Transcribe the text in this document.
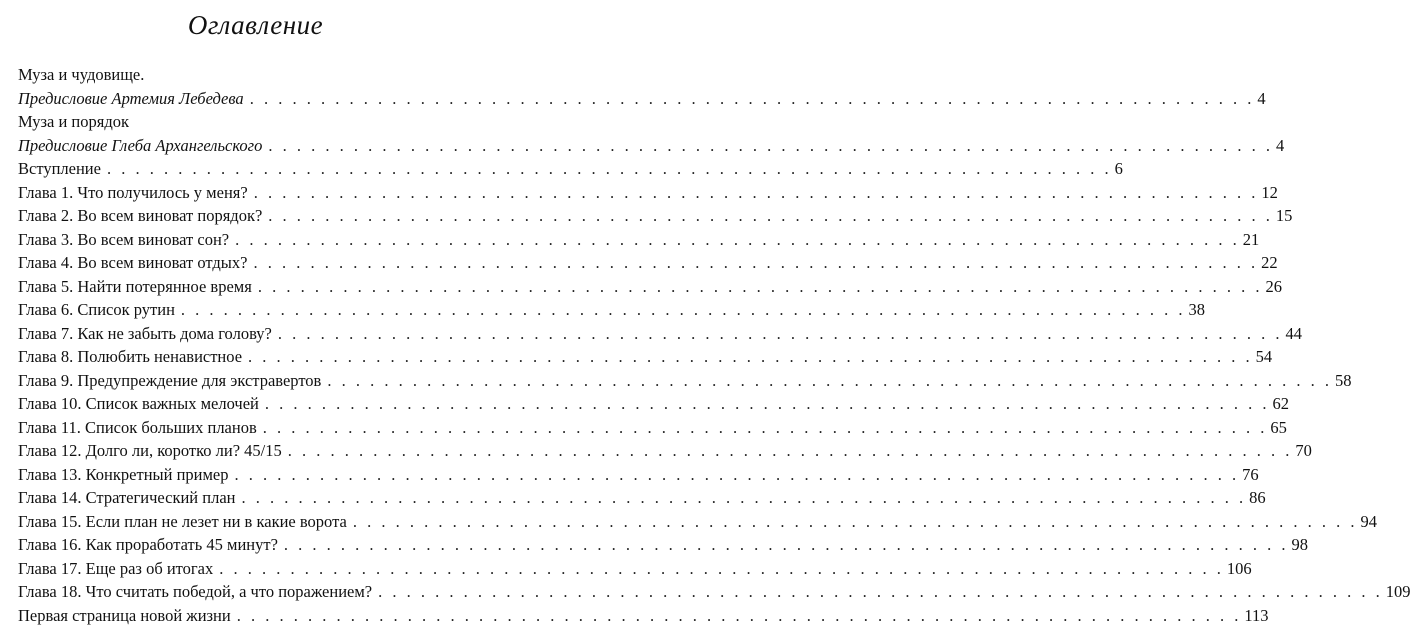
Оглавление
Муза и чудовище.
Предисловие Артемия Лебедева . . . . . . . . . . . . . . . . . . . . . . . . . . . . . . . . . . . . . . . . . . . . . . . . . . . . . . . . . . . . . . . . . . . . . . . 4
Муза и порядок
Предисловие Глеба Архангельского . . . . . . . . . . . . . . . . . . . . . . . . . . . . . . . . . . . . . . . . . . . . . . . . . . . . . . . . . . . . . . . . . . . . . . . 4
Вступление . . . . . . . . . . . . . . . . . . . . . . . . . . . . . . . . . . . . . . . . . . . . . . . . . . . . . . . . . . . . . . . . . . . . . . . 6
Глава 1. Что получилось у меня? . . . . . . . . . . . . . . . . . . . . . . . . . . . . . . . . . . . . . . . . . . . . . . . . . . . . . . . . . . . . . . . . . . . . . . . 12
Глава 2. Во всем виноват порядок? . . . . . . . . . . . . . . . . . . . . . . . . . . . . . . . . . . . . . . . . . . . . . . . . . . . . . . . . . . . . . . . . . . . . . . . 15
Глава 3. Во всем виноват сон? . . . . . . . . . . . . . . . . . . . . . . . . . . . . . . . . . . . . . . . . . . . . . . . . . . . . . . . . . . . . . . . . . . . . . . . 21
Глава 4. Во всем виноват отдых? . . . . . . . . . . . . . . . . . . . . . . . . . . . . . . . . . . . . . . . . . . . . . . . . . . . . . . . . . . . . . . . . . . . . . . . 22
Глава 5. Найти потерянное время . . . . . . . . . . . . . . . . . . . . . . . . . . . . . . . . . . . . . . . . . . . . . . . . . . . . . . . . . . . . . . . . . . . . . . . 26
Глава 6. Список рутин . . . . . . . . . . . . . . . . . . . . . . . . . . . . . . . . . . . . . . . . . . . . . . . . . . . . . . . . . . . . . . . . . . . . . . . 38
Глава 7. Как не забыть дома голову? . . . . . . . . . . . . . . . . . . . . . . . . . . . . . . . . . . . . . . . . . . . . . . . . . . . . . . . . . . . . . . . . . . . . . . . 44
Глава 8. Полюбить ненавистное . . . . . . . . . . . . . . . . . . . . . . . . . . . . . . . . . . . . . . . . . . . . . . . . . . . . . . . . . . . . . . . . . . . . . . . 54
Глава 9. Предупреждение для экстравертов . . . . . . . . . . . . . . . . . . . . . . . . . . . . . . . . . . . . . . . . . . . . . . . . . . . . . . . . . . . . . . . . . . . . . . . 58
Глава 10. Список важных мелочей . . . . . . . . . . . . . . . . . . . . . . . . . . . . . . . . . . . . . . . . . . . . . . . . . . . . . . . . . . . . . . . . . . . . . . . 62
Глава 11. Список больших планов . . . . . . . . . . . . . . . . . . . . . . . . . . . . . . . . . . . . . . . . . . . . . . . . . . . . . . . . . . . . . . . . . . . . . . . 65
Глава 12. Долго ли, коротко ли? 45/15 . . . . . . . . . . . . . . . . . . . . . . . . . . . . . . . . . . . . . . . . . . . . . . . . . . . . . . . . . . . . . . . . . . . . . . . 70
Глава 13. Конкретный пример . . . . . . . . . . . . . . . . . . . . . . . . . . . . . . . . . . . . . . . . . . . . . . . . . . . . . . . . . . . . . . . . . . . . . . . 76
Глава 14. Стратегический план . . . . . . . . . . . . . . . . . . . . . . . . . . . . . . . . . . . . . . . . . . . . . . . . . . . . . . . . . . . . . . . . . . . . . . . 86
Глава 15. Если план не лезет ни в какие ворота . . . . . . . . . . . . . . . . . . . . . . . . . . . . . . . . . . . . . . . . . . . . . . . . . . . . . . . . . . . . . . . . . . . . . . . 94
Глава 16. Как проработать 45 минут? . . . . . . . . . . . . . . . . . . . . . . . . . . . . . . . . . . . . . . . . . . . . . . . . . . . . . . . . . . . . . . . . . . . . . . . 98
Глава 17. Еще раз об итогах . . . . . . . . . . . . . . . . . . . . . . . . . . . . . . . . . . . . . . . . . . . . . . . . . . . . . . . . . . . . . . . . . . . . . . . 106
Глава 18. Что считать победой, а что поражением? . . . . . . . . . . . . . . . . . . . . . . . . . . . . . . . . . . . . . . . . . . . . . . . . . . . . . . . . . . . . . . . . . . . . . . . 109
Первая страница новой жизни . . . . . . . . . . . . . . . . . . . . . . . . . . . . . . . . . . . . . . . . . . . . . . . . . . . . . . . . . . . . . . . . . . . . . . . 113
